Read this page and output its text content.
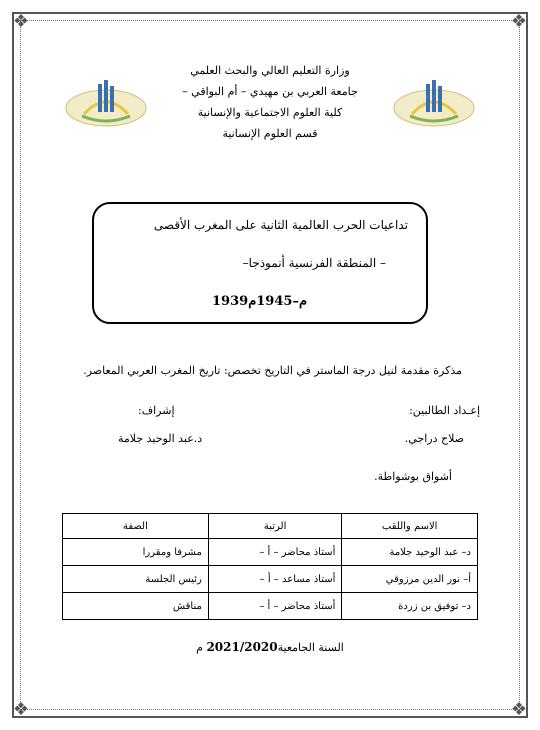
❖	❖
❖	❖
وزارة التعليم العالي والبحث العلمي
جامعة العربي بن مهيدي – أم البواقي –
كلية العلوم الاجتماعية والإنسانية
قسم العلوم الإنسانية
تداعيات الحرب العالمية الثانية على المغرب الأقصى
– المنطقة الفرنسية أنموذجا–
1939م–1945م
مذكرة مقدمة لنيل درجة الماستر في التاريخ تخصص: تاريخ المغرب العربي المعاصر.
إعـداد الطالبين:
صلاح دراجي.
أشواق بوشواطة.
إشراف:
د.عبد الوحيد جلامة
الاسم واللقب	الرتبة	الصفة
د– عبد الوحيد جلامة	أستاذ محاضر – أ –	مشرفا ومقررا
أ– نور الدين مرزوقي	أستاذ مساعد – أ –	رئيس الجلسة
د– توفيق بن زردة	أستاذ محاضر – أ –	مناقش
السنة الجامعية2021/2020 م
